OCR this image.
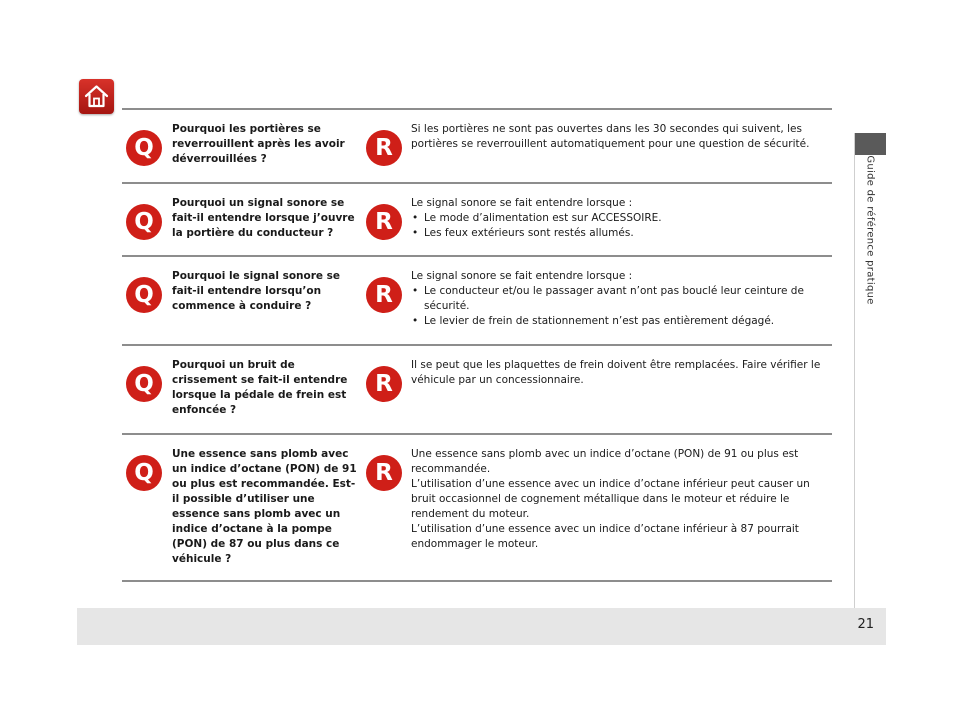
Guide de référence pratique
Q
Pourquoi les portières se reverrouillent après les avoir déverrouillées ?	R

Si les portières ne sont pas ouvertes dans les 30 secondes qui suivent, les portières se reverrouillent automatiquement pour une question de sécurité.

Q
Pourquoi un signal sonore se fait-il entendre lorsque j’ouvre la portière du conducteur ?	R

Le signal sonore se fait entendre lorsque :

• Le mode d’alimentation est sur ACCESSOIRE.
• Les feux extérieurs sont restés allumés.
Q
Pourquoi le signal sonore se fait-il entendre lorsqu’on commence à conduire ?	R

Le signal sonore se fait entendre lorsque :

• Le conducteur et/ou le passager avant n’ont pas bouclé leur ceinture de sécurité.
• Le levier de frein de stationnement n’est pas entièrement dégagé.
Q
Pourquoi un bruit de crissement se fait-il entendre lorsque la pédale de frein est enfoncée ?
R

Il se peut que les plaquettes de frein doivent être remplacées. Faire vérifier le véhicule par un concessionnaire.

Q
Une essence sans plomb avec un indice d’octane (PON) de 91 ou plus est recommandée. Est-il possible d’utiliser une essence sans plomb avec un indice d’octane à la pompe (PON) de 87 ou plus dans ce véhicule ?
R

Une essence sans plomb avec un indice d’octane (PON) de 91 ou plus est recommandée.

L’utilisation d’une essence avec un indice d’octane inférieur peut causer un bruit occasionnel de cognement métallique dans le moteur et réduire le rendement du moteur.

L’utilisation d’une essence avec un indice d’octane inférieur à 87 pourrait endommager le moteur.

21
